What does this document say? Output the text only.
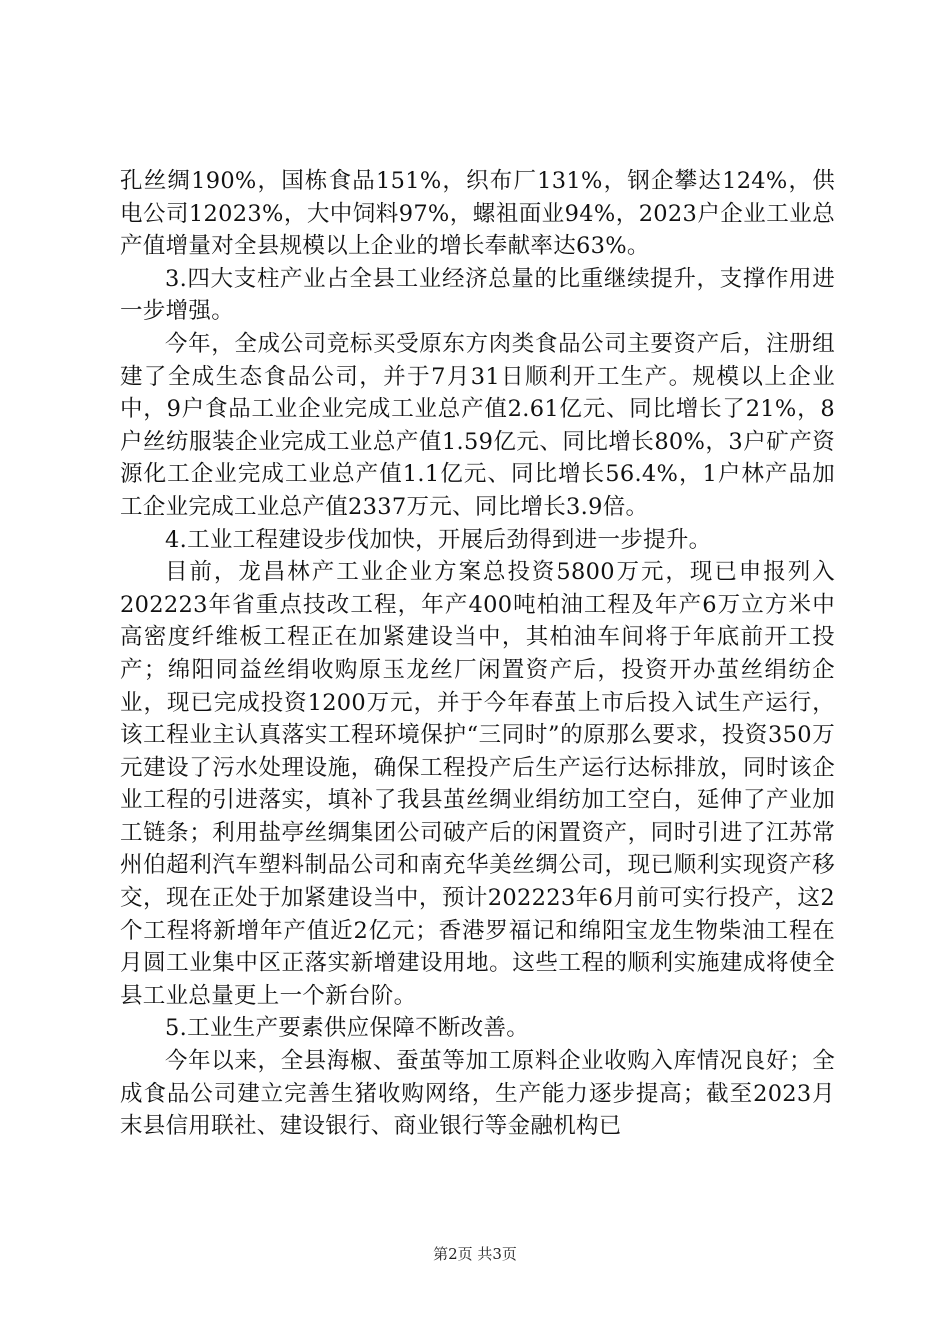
孔丝绸190%，国栋食品151%，织布厂131%，钢企攀达124%，供电公司12023%，大中饲料97%，螺祖面业94%，2023户企业工业总产值增量对全县规模以上企业的增长奉献率达63%。

3.四大支柱产业占全县工业经济总量的比重继续提升，支撑作用进一步增强。

今年，全成公司竞标买受原东方肉类食品公司主要资产后，注册组建了全成生态食品公司，并于7月31日顺利开工生产。规模以上企业中，9户食品工业企业完成工业总产值2.61亿元、同比增长了21%，8户丝纺服装企业完成工业总产值1.59亿元、同比增长80%，3户矿产资源化工企业完成工业总产值1.1亿元、同比增长56.4%，1户林产品加工企业完成工业总产值2337万元、同比增长3.9倍。

4.工业工程建设步伐加快，开展后劲得到进一步提升。

目前，龙昌林产工业企业方案总投资5800万元，现已申报列入202223年省重点技改工程，年产400吨柏油工程及年产6万立方米中高密度纤维板工程正在加紧建设当中，其柏油车间将于年底前开工投产；绵阳同益丝绢收购原玉龙丝厂闲置资产后，投资开办茧丝绢纺企业，现已完成投资1200万元，并于今年春茧上市后投入试生产运行，该工程业主认真落实工程环境保护“三同时”的原那么要求，投资350万元建设了污水处理设施，确保工程投产后生产运行达标排放，同时该企业工程的引进落实，填补了我县茧丝绸业绢纺加工空白，延伸了产业加工链条；利用盐亭丝绸集团公司破产后的闲置资产，同时引进了江苏常州伯超利汽车塑料制品公司和南充华美丝绸公司，现已顺利实现资产移交，现在正处于加紧建设当中，预计202223年6月前可实行投产，这2个工程将新增年产值近2亿元；香港罗福记和绵阳宝龙生物柴油工程在月圆工业集中区正落实新增建设用地。这些工程的顺利实施建成将使全县工业总量更上一个新台阶。

5.工业生产要素供应保障不断改善。

今年以来，全县海椒、蚕茧等加工原料企业收购入库情况良好；全成食品公司建立完善生猪收购网络，生产能力逐步提高；截至2023月末县信用联社、建设银行、商业银行等金融机构已

第2页 共3页
